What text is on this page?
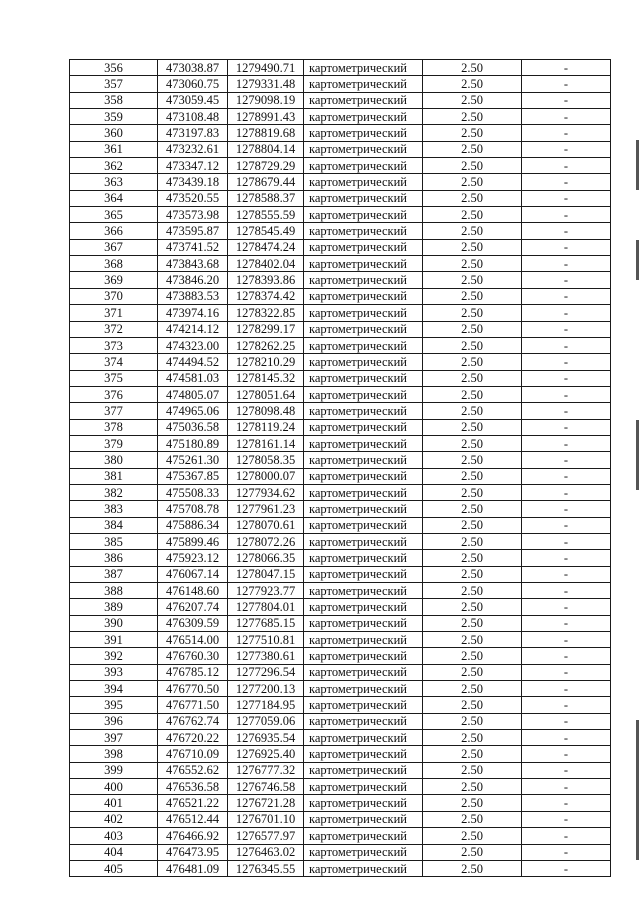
356	473038.87	1279490.71	картометрический	2.50	-
357	473060.75	1279331.48	картометрический	2.50	-
358	473059.45	1279098.19	картометрический	2.50	-
359	473108.48	1278991.43	картометрический	2.50	-
360	473197.83	1278819.68	картометрический	2.50	-
361	473232.61	1278804.14	картометрический	2.50	-
362	473347.12	1278729.29	картометрический	2.50	-
363	473439.18	1278679.44	картометрический	2.50	-
364	473520.55	1278588.37	картометрический	2.50	-
365	473573.98	1278555.59	картометрический	2.50	-
366	473595.87	1278545.49	картометрический	2.50	-
367	473741.52	1278474.24	картометрический	2.50	-
368	473843.68	1278402.04	картометрический	2.50	-
369	473846.20	1278393.86	картометрический	2.50	-
370	473883.53	1278374.42	картометрический	2.50	-
371	473974.16	1278322.85	картометрический	2.50	-
372	474214.12	1278299.17	картометрический	2.50	-
373	474323.00	1278262.25	картометрический	2.50	-
374	474494.52	1278210.29	картометрический	2.50	-
375	474581.03	1278145.32	картометрический	2.50	-
376	474805.07	1278051.64	картометрический	2.50	-
377	474965.06	1278098.48	картометрический	2.50	-
378	475036.58	1278119.24	картометрический	2.50	-
379	475180.89	1278161.14	картометрический	2.50	-
380	475261.30	1278058.35	картометрический	2.50	-
381	475367.85	1278000.07	картометрический	2.50	-
382	475508.33	1277934.62	картометрический	2.50	-
383	475708.78	1277961.23	картометрический	2.50	-
384	475886.34	1278070.61	картометрический	2.50	-
385	475899.46	1278072.26	картометрический	2.50	-
386	475923.12	1278066.35	картометрический	2.50	-
387	476067.14	1278047.15	картометрический	2.50	-
388	476148.60	1277923.77	картометрический	2.50	-
389	476207.74	1277804.01	картометрический	2.50	-
390	476309.59	1277685.15	картометрический	2.50	-
391	476514.00	1277510.81	картометрический	2.50	-
392	476760.30	1277380.61	картометрический	2.50	-
393	476785.12	1277296.54	картометрический	2.50	-
394	476770.50	1277200.13	картометрический	2.50	-
395	476771.50	1277184.95	картометрический	2.50	-
396	476762.74	1277059.06	картометрический	2.50	-
397	476720.22	1276935.54	картометрический	2.50	-
398	476710.09	1276925.40	картометрический	2.50	-
399	476552.62	1276777.32	картометрический	2.50	-
400	476536.58	1276746.58	картометрический	2.50	-
401	476521.22	1276721.28	картометрический	2.50	-
402	476512.44	1276701.10	картометрический	2.50	-
403	476466.92	1276577.97	картометрический	2.50	-
404	476473.95	1276463.02	картометрический	2.50	-
405	476481.09	1276345.55	картометрический	2.50	-
